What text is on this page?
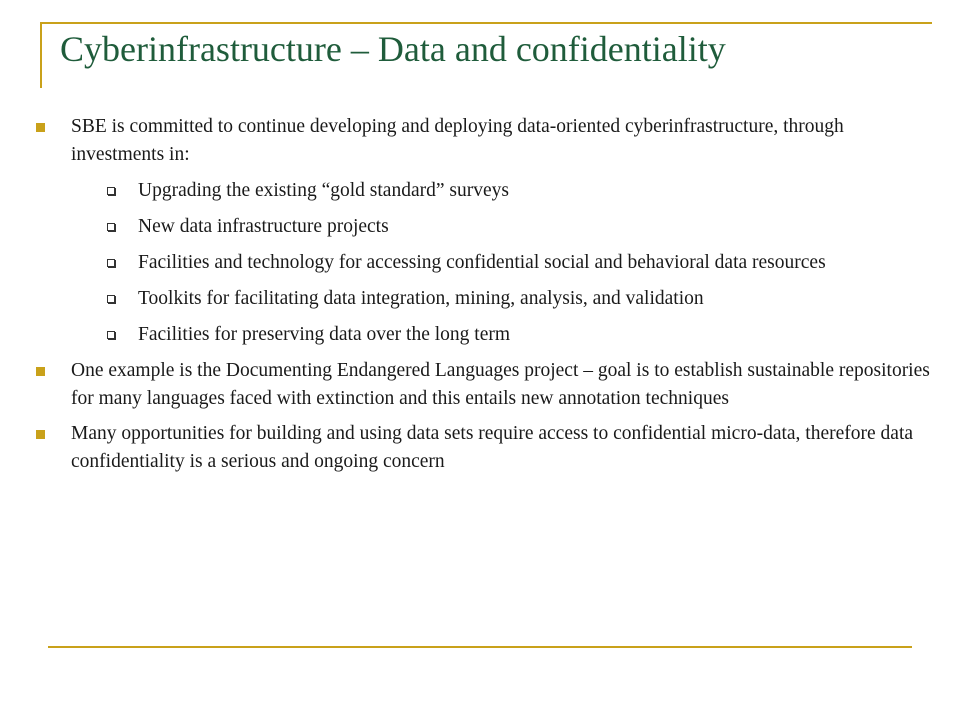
Cyberinfrastructure – Data and confidentiality
SBE is committed to continue developing and deploying data-oriented cyberinfrastructure, through investments in:
Upgrading the existing “gold standard” surveys
New data infrastructure projects
Facilities and technology for accessing confidential social and behavioral data resources
Toolkits for facilitating data integration, mining, analysis, and validation
Facilities for preserving data over the long term
One example is the Documenting Endangered Languages project – goal is to establish sustainable repositories for many languages faced with extinction and this entails new annotation techniques
Many opportunities for building and using data sets require access to confidential micro-data, therefore data confidentiality is a serious and ongoing concern
